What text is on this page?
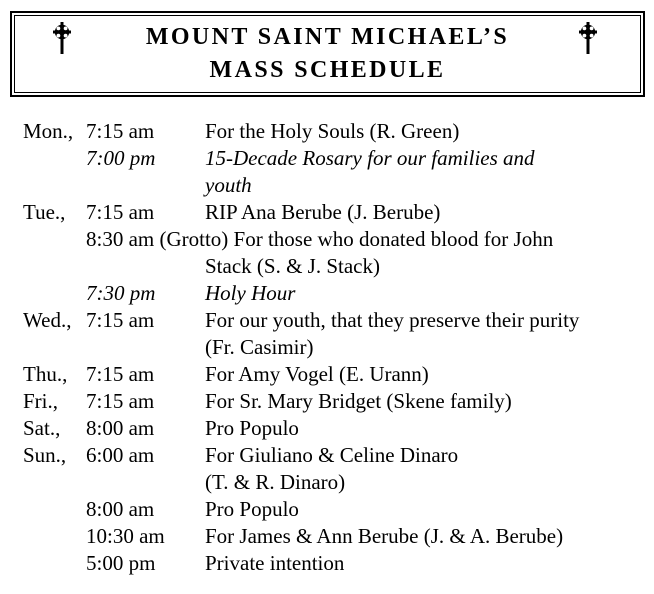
MOUNT SAINT MICHAEL’S
MASS SCHEDULE
Mon., 7:15 am	For the Holy Souls (R. Green)
7:00 pm	15-Decade Rosary for our families and
youth
Tue., 7:15 am	RIP Ana Berube (J. Berube)
8:30 am (Grotto) For those who donated blood for John
Stack (S. & J. Stack)
7:30 pm	Holy Hour
Wed., 7:15 am	For our youth, that they preserve their purity
(Fr. Casimir)
Thu., 7:15 am	For Amy Vogel (E. Urann)
Fri.,	7:15 am	For Sr. Mary Bridget (Skene family)
Sat.,	8:00 am	Pro Populo
Sun., 6:00 am	For Giuliano & Celine Dinaro
(T. & R. Dinaro)
8:00 am	Pro Populo
10:30 am	For James & Ann Berube (J. & A. Berube)
5:00 pm	Private intention
